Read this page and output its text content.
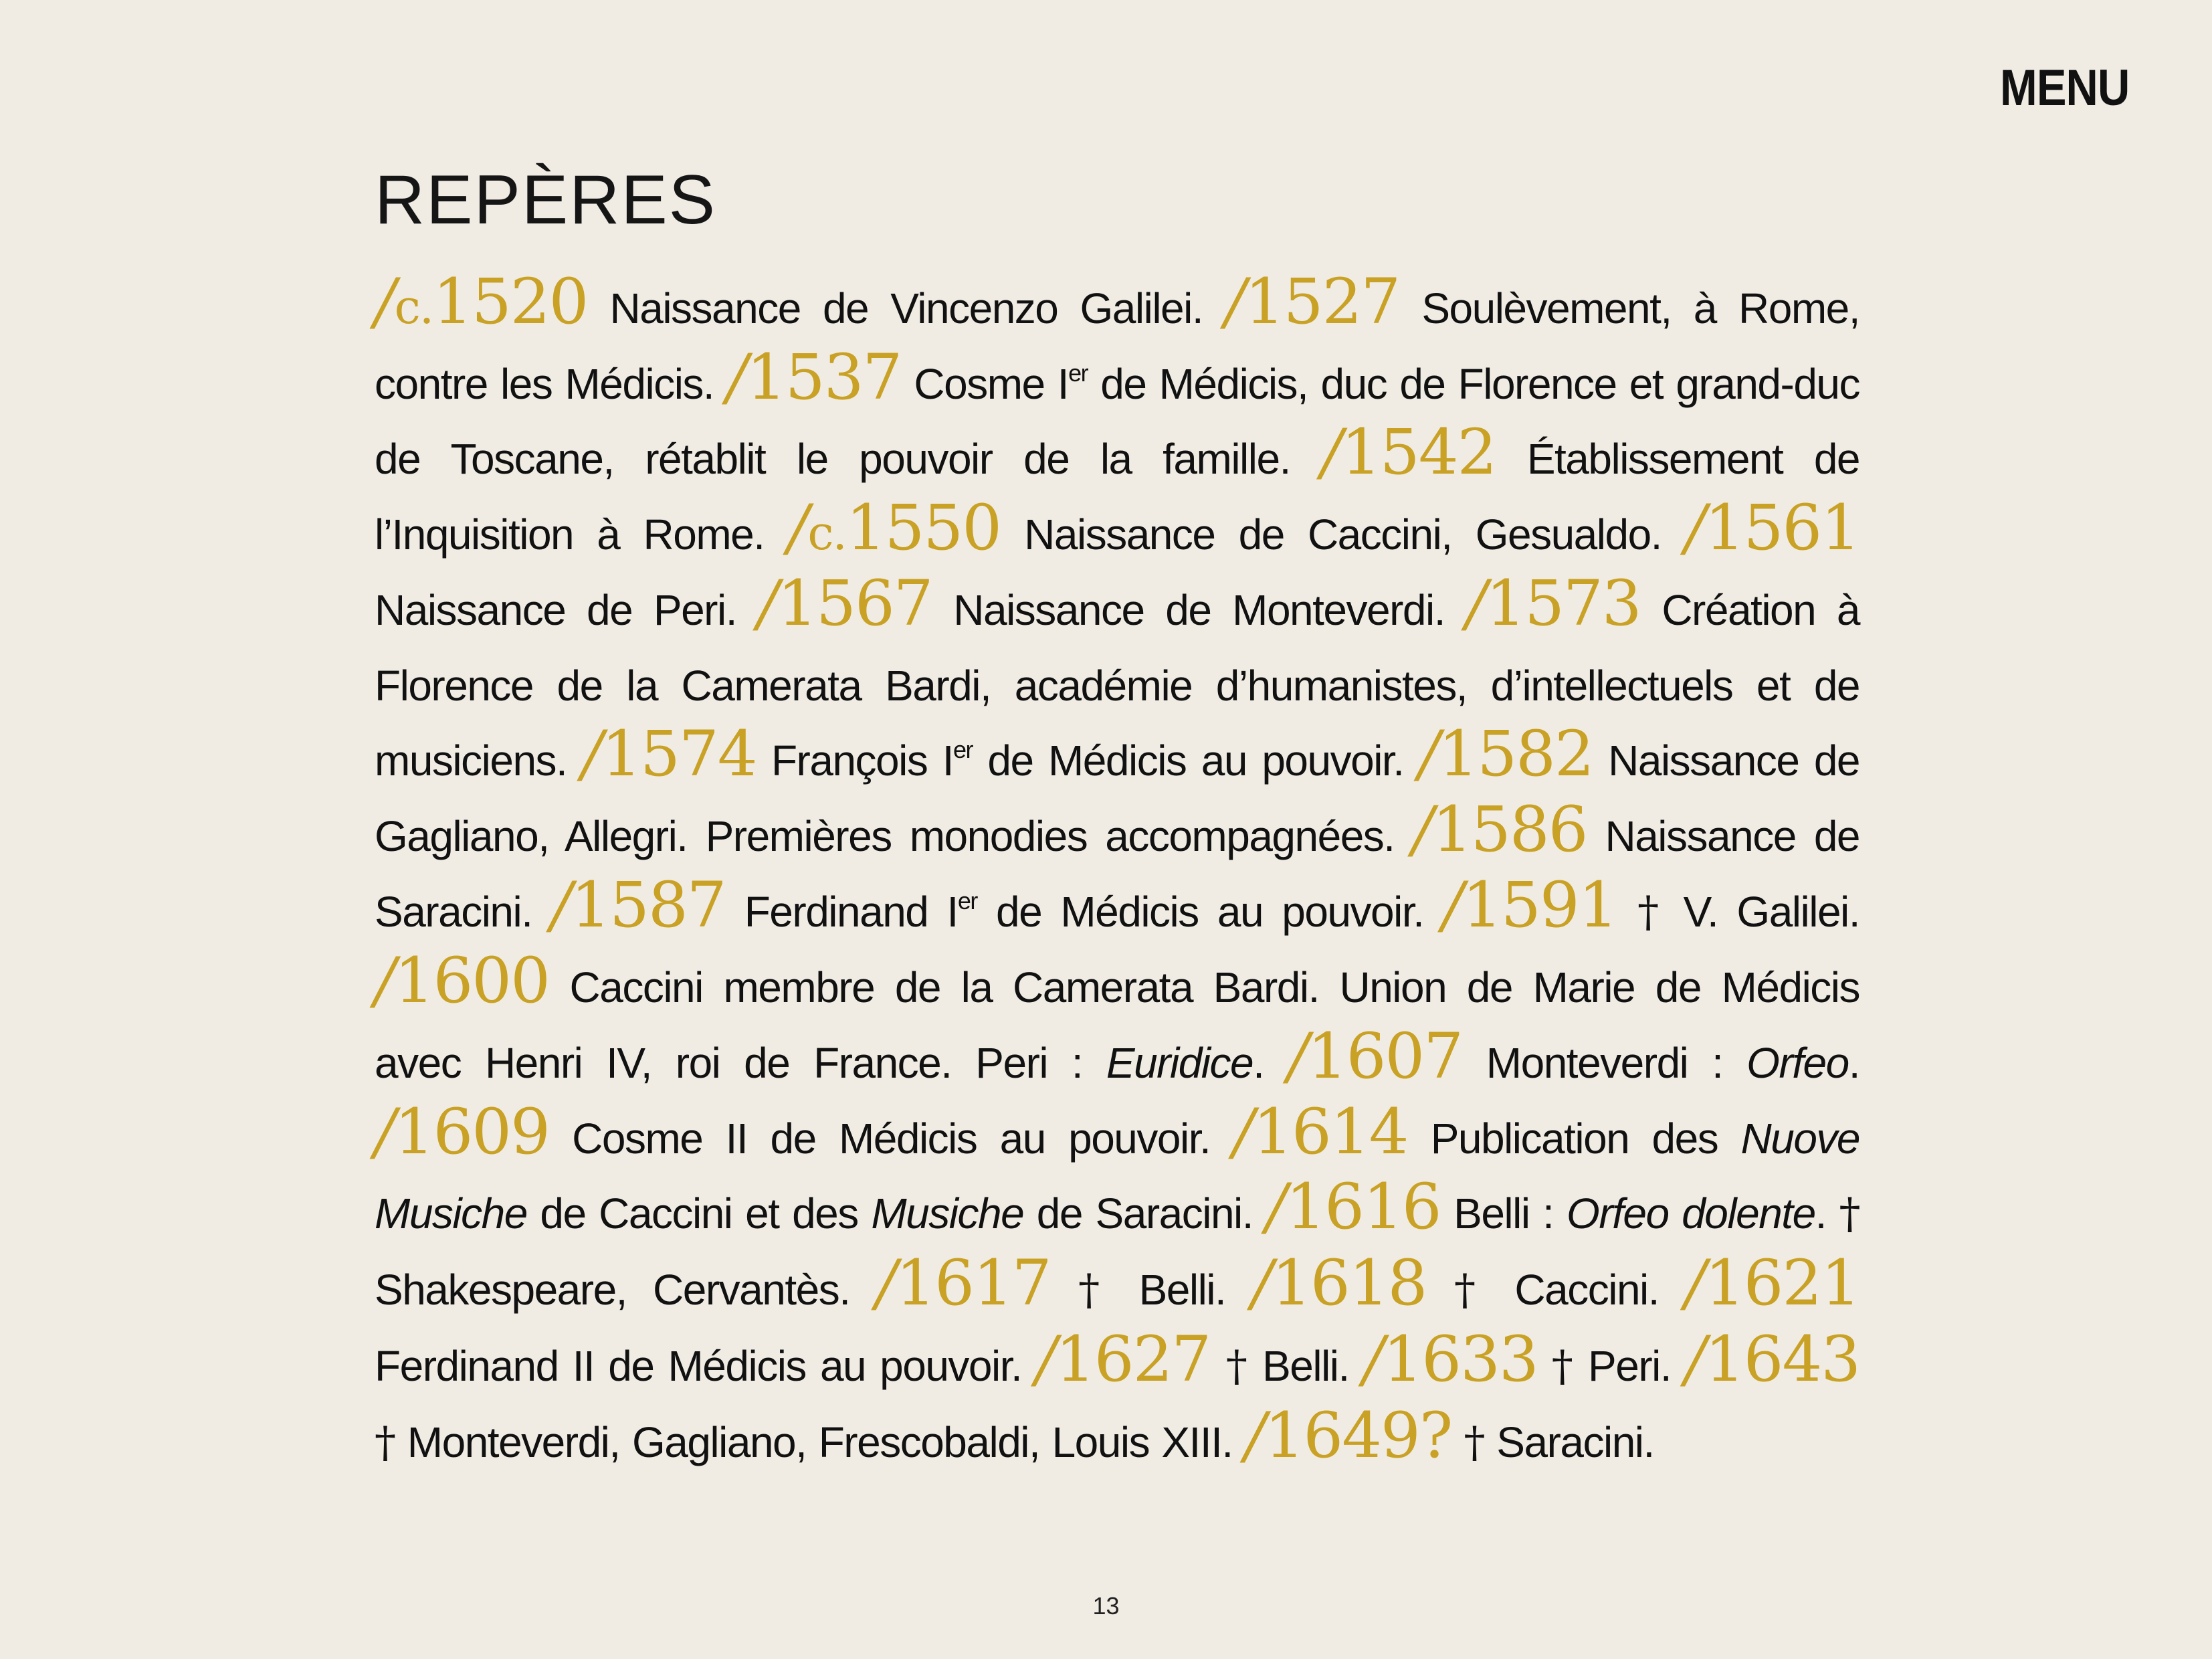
MENU
REPÈRES

/c.1520 Naissance de Vincenzo Galilei. /1527 Soulèvement, à Rome, contre les Médicis. /1537 Cosme Ier de Médicis, duc de Florence et grand-duc de Toscane, rétablit le pouvoir de la famille. /1542 Établissement de l’Inquisition à Rome. /c.1550 Naissance de Caccini, Gesualdo. /1561 Naissance de Peri. /1567 Naissance de Monteverdi. /1573 Création à Florence de la Camerata Bardi, académie d’humanistes, d’intellectuels et de musiciens. /1574 François Ier de Médicis au pouvoir. /1582 Naissance de Gagliano, Allegri. Premières monodies accompagnées. /1586 Naissance de Saracini. /1587 Ferdinand Ier de Médicis au pouvoir. /1591 † V. Galilei. /1600 Caccini membre de la Camerata Bardi. Union de Marie de Médicis avec Henri IV, roi de France. Peri : Euridice. /1607 Monteverdi : Orfeo. /1609 Cosme II de Médicis au pouvoir. /1614 Publication des Nuove Musiche de Caccini et des Musiche de Saracini. /1616 Belli : Orfeo dolente. † Shakespeare, Cervantès. /1617 † Belli. /1618 † Caccini. /1621 Ferdinand II de Médicis au pouvoir. /1627 † Belli. /1633 † Peri. /1643 † Monteverdi, Gagliano, Frescobaldi, Louis XIII. /1649? † Saracini.

13
